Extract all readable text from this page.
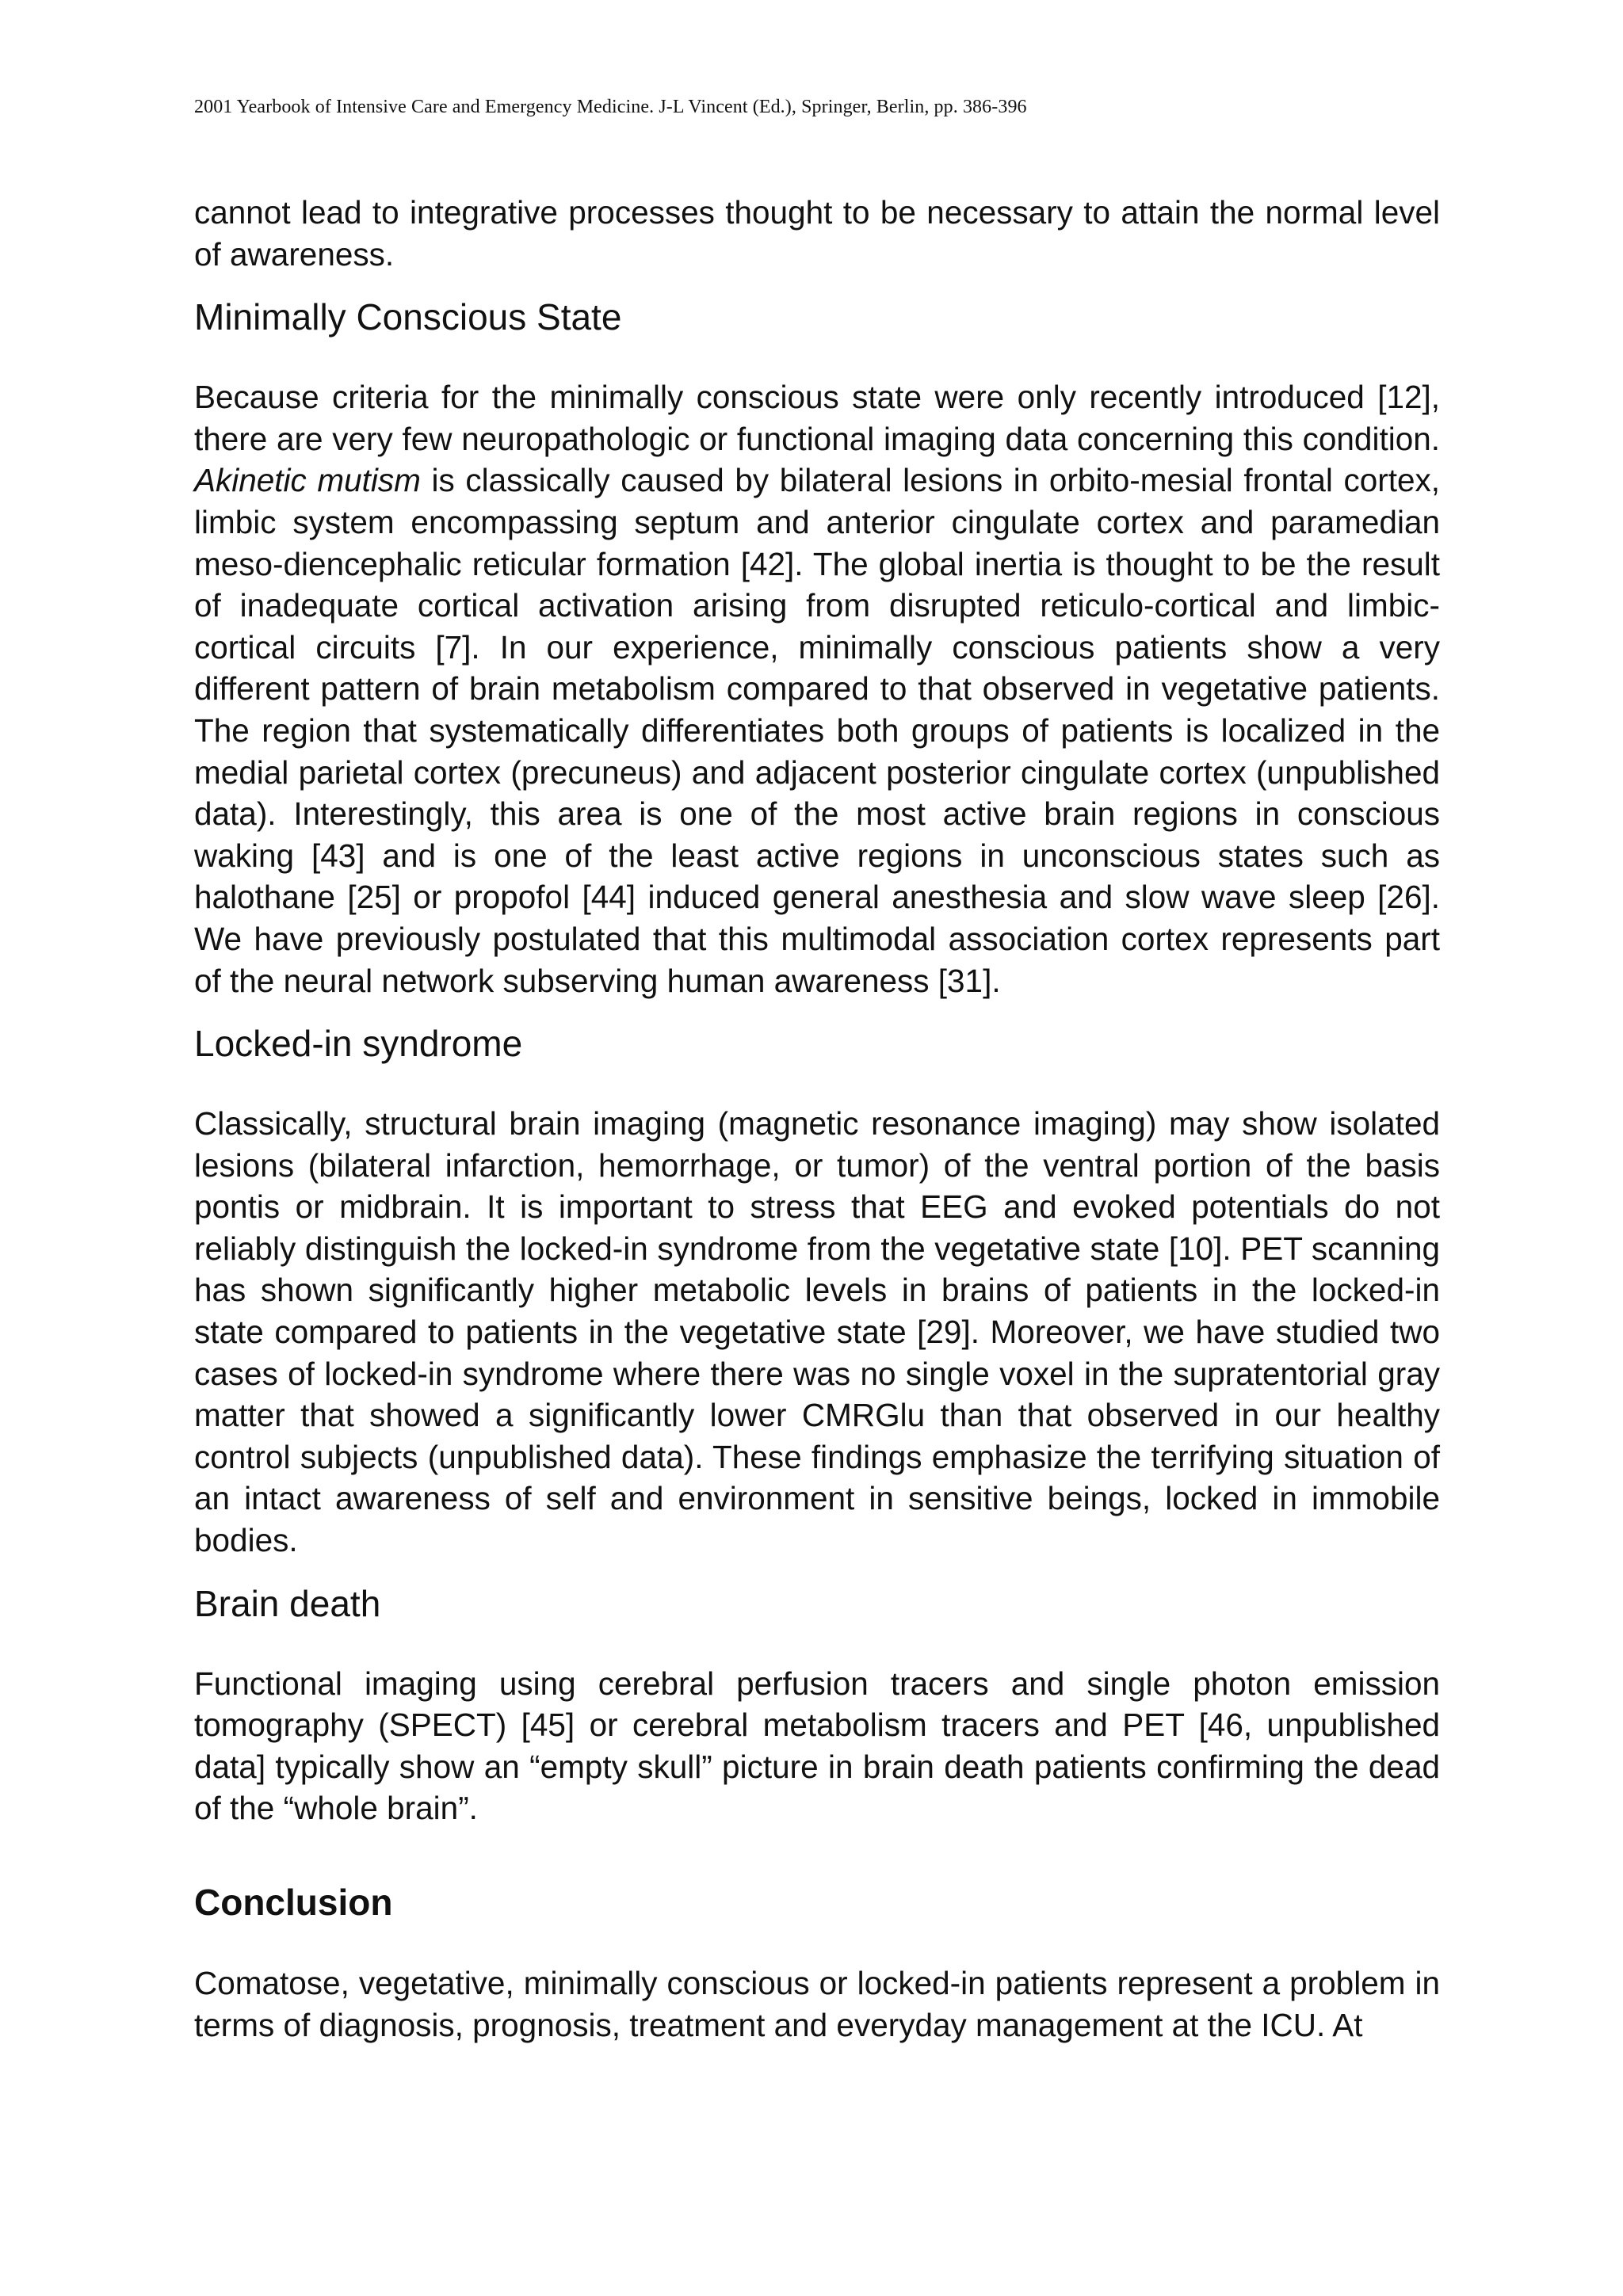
2001 Yearbook of Intensive Care and Emergency Medicine. J-L Vincent (Ed.), Springer, Berlin, pp. 386-396

cannot lead to integrative processes thought to be necessary to attain the normal level of awareness.

Minimally Conscious State

Because criteria for the minimally conscious state were only recently introduced [12], there are very few neuropathologic or functional imaging data concerning this condition. Akinetic mutism is classically caused by bilateral lesions in orbito-mesial frontal cortex, limbic system encompassing septum and anterior cingulate cortex and paramedian meso-diencephalic reticular formation [42]. The global inertia is thought to be the result of inadequate cortical activation arising from disrupted reticulo-cortical and limbic-cortical circuits [7]. In our experience, minimally conscious patients show a very different pattern of brain metabolism compared to that observed in vegetative patients. The region that systematically differentiates both groups of patients is localized in the medial parietal cortex (precuneus) and adjacent posterior cingulate cortex (unpublished data). Interestingly, this area is one of the most active brain regions in conscious waking [43] and is one of the least active regions in unconscious states such as halothane [25] or propofol [44] induced general anesthesia and slow wave sleep [26]. We have previously postulated that this multimodal association cortex represents part of the neural network subserving human awareness [31].

Locked-in syndrome

Classically, structural brain imaging (magnetic resonance imaging) may show isolated lesions (bilateral infarction, hemorrhage, or tumor) of the ventral portion of the basis pontis or midbrain. It is important to stress that EEG and evoked potentials do not reliably distinguish the locked-in syndrome from the vegetative state [10]. PET scanning has shown significantly higher metabolic levels in brains of patients in the locked-in state compared to patients in the vegetative state [29]. Moreover, we have studied two cases of locked-in syndrome where there was no single voxel in the supratentorial gray matter that showed a significantly lower CMRGlu than that observed in our healthy control subjects (unpublished data). These findings emphasize the terrifying situation of an intact awareness of self and environment in sensitive beings, locked in immobile bodies.

Brain death

Functional imaging using cerebral perfusion tracers and single photon emission tomography (SPECT) [45] or cerebral metabolism tracers and PET [46, unpublished data] typically show an “empty skull” picture in brain death patients confirming the dead of the “whole brain”.

Conclusion

Comatose, vegetative, minimally conscious or locked-in patients represent a problem in terms of diagnosis, prognosis, treatment and everyday management at the ICU. At
